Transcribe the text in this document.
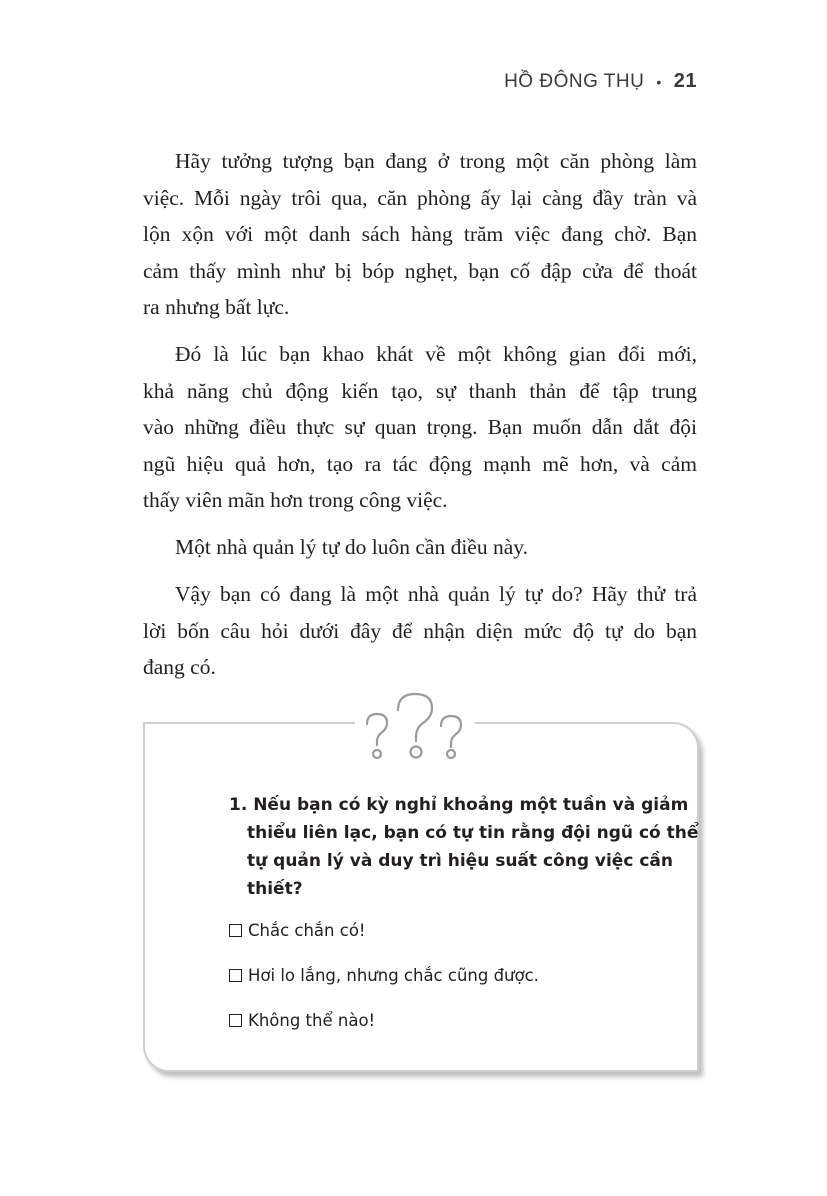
HỒ ĐÔNG THỤ • 21
Hãy tưởng tượng bạn đang ở trong một căn phòng làm
việc. Mỗi ngày trôi qua, căn phòng ấy lại càng đầy tràn và
lộn xộn với một danh sách hàng trăm việc đang chờ. Bạn
cảm thấy mình như bị bóp nghẹt, bạn cố đập cửa để thoát
ra nhưng bất lực.
Đó là lúc bạn khao khát về một không gian đổi mới,
khả năng chủ động kiến tạo, sự thanh thản để tập trung
vào những điều thực sự quan trọng. Bạn muốn dẫn dắt đội
ngũ hiệu quả hơn, tạo ra tác động mạnh mẽ hơn, và cảm
thấy viên mãn hơn trong công việc.
Một nhà quản lý tự do luôn cần điều này.
Vậy bạn có đang là một nhà quản lý tự do? Hãy thử trả
lời bốn câu hỏi dưới đây để nhận diện mức độ tự do bạn
đang có.
1. Nếu bạn có kỳ nghỉ khoảng một tuần và giảm
thiểu liên lạc, bạn có tự tin rằng đội ngũ có thể
tự quản lý và duy trì hiệu suất công việc cần
thiết?
Chắc chắn có!
Hơi lo lắng, nhưng chắc cũng được.
Không thể nào!
